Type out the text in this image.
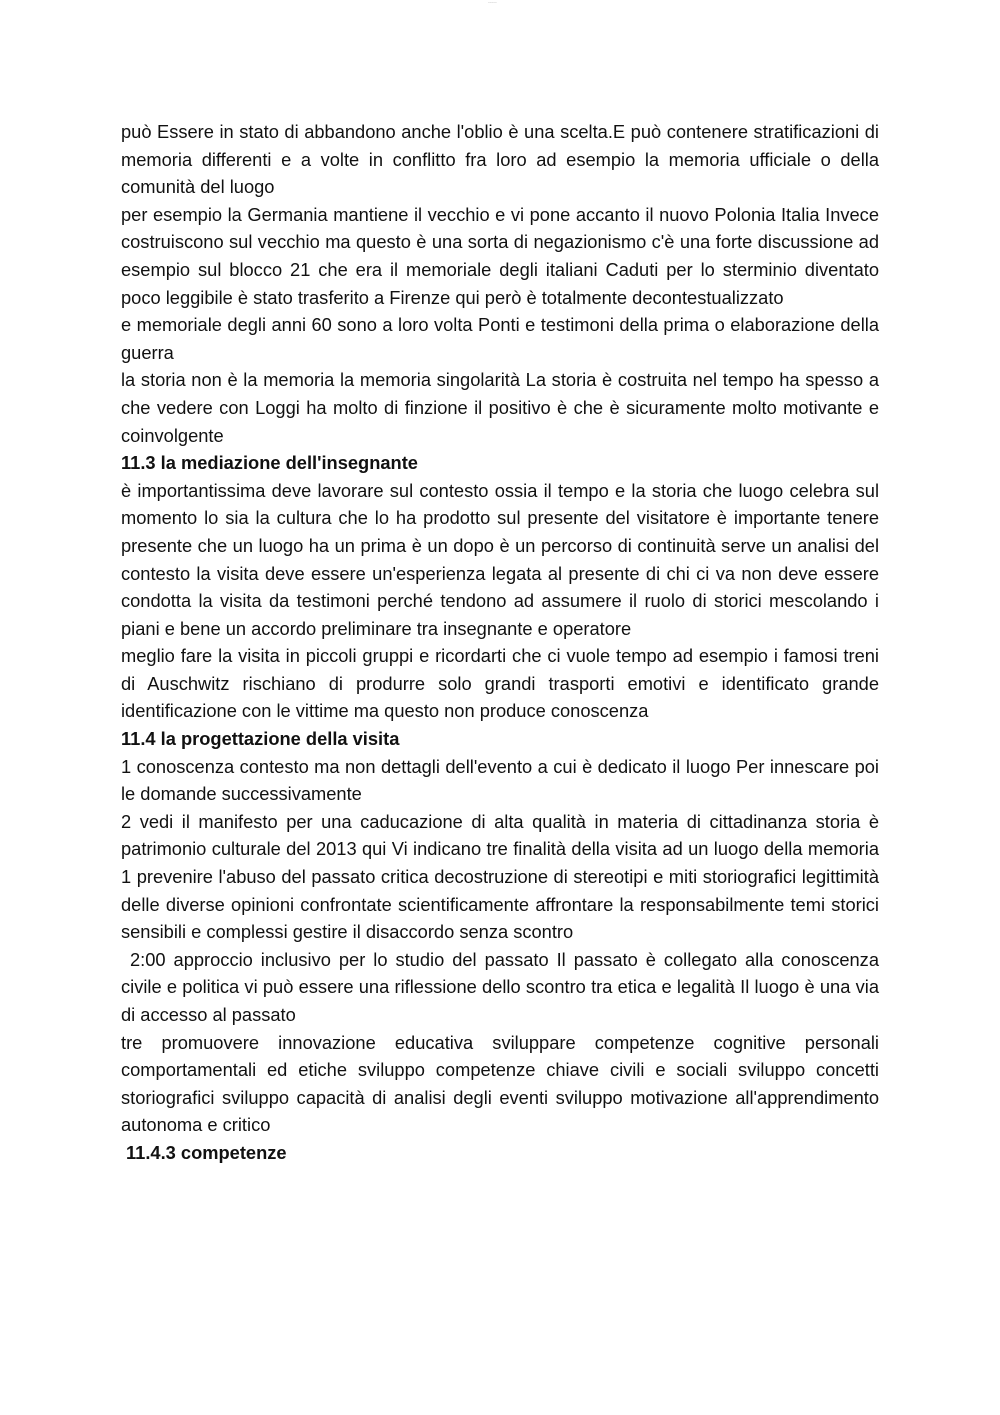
~~~~~

può Essere in stato di abbandono anche l'oblio è una scelta.E può contenere stratificazioni di memoria differenti e a volte in conflitto fra loro ad esempio la memoria ufficiale o della comunità del luogo

per esempio la Germania mantiene il vecchio e vi pone accanto il nuovo Polonia Italia Invece costruiscono sul vecchio ma questo è una sorta di negazionismo c'è una forte discussione ad esempio sul blocco 21 che era il memoriale degli italiani Caduti per lo sterminio diventato poco leggibile è stato trasferito a Firenze qui però è totalmente decontestualizzato

e memoriale degli anni 60 sono a loro volta Ponti e testimoni della prima o elaborazione della guerra

la storia non è la memoria la memoria singolarità La storia è costruita nel tempo ha spesso a che vedere con Loggi ha molto di finzione il positivo è che è sicuramente molto motivante e coinvolgente

11.3 la mediazione dell'insegnante

è importantissima deve lavorare sul contesto ossia il tempo e la storia che luogo celebra sul momento lo sia la cultura che lo ha prodotto sul presente del visitatore è importante tenere presente che un luogo ha un prima è un dopo è un percorso di continuità serve un analisi del contesto la visita deve essere un'esperienza legata al presente di chi ci va non deve essere condotta la visita da testimoni perché tendono ad assumere il ruolo di storici mescolando i piani e bene un accordo preliminare tra insegnante e operatore

meglio fare la visita in piccoli gruppi e ricordarti che ci vuole tempo ad esempio i famosi treni di Auschwitz rischiano di produrre solo grandi trasporti emotivi e identificato grande identificazione con le vittime ma questo non produce conoscenza

11.4 la progettazione della visita

1 conoscenza contesto ma non dettagli dell'evento a cui è dedicato il luogo Per innescare poi le domande successivamente

2 vedi il manifesto per una caducazione di alta qualità in materia di cittadinanza storia è patrimonio culturale del 2013 qui Vi indicano tre finalità della visita ad un luogo della memoria 1 prevenire l'abuso del passato critica decostruzione di stereotipi e miti storiografici legittimità delle diverse opinioni confrontate scientificamente affrontare la responsabilmente temi storici sensibili e complessi gestire il disaccordo senza scontro

2:00 approccio inclusivo per lo studio del passato Il passato è collegato alla conoscenza civile e politica vi può essere una riflessione dello scontro tra etica e legalità Il luogo è una via di accesso al passato

tre promuovere innovazione educativa sviluppare competenze cognitive personali comportamentali ed etiche sviluppo competenze chiave civili e sociali sviluppo concetti storiografici sviluppo capacità di analisi degli eventi sviluppo motivazione all'apprendimento autonoma e critico

11.4.3 competenze
